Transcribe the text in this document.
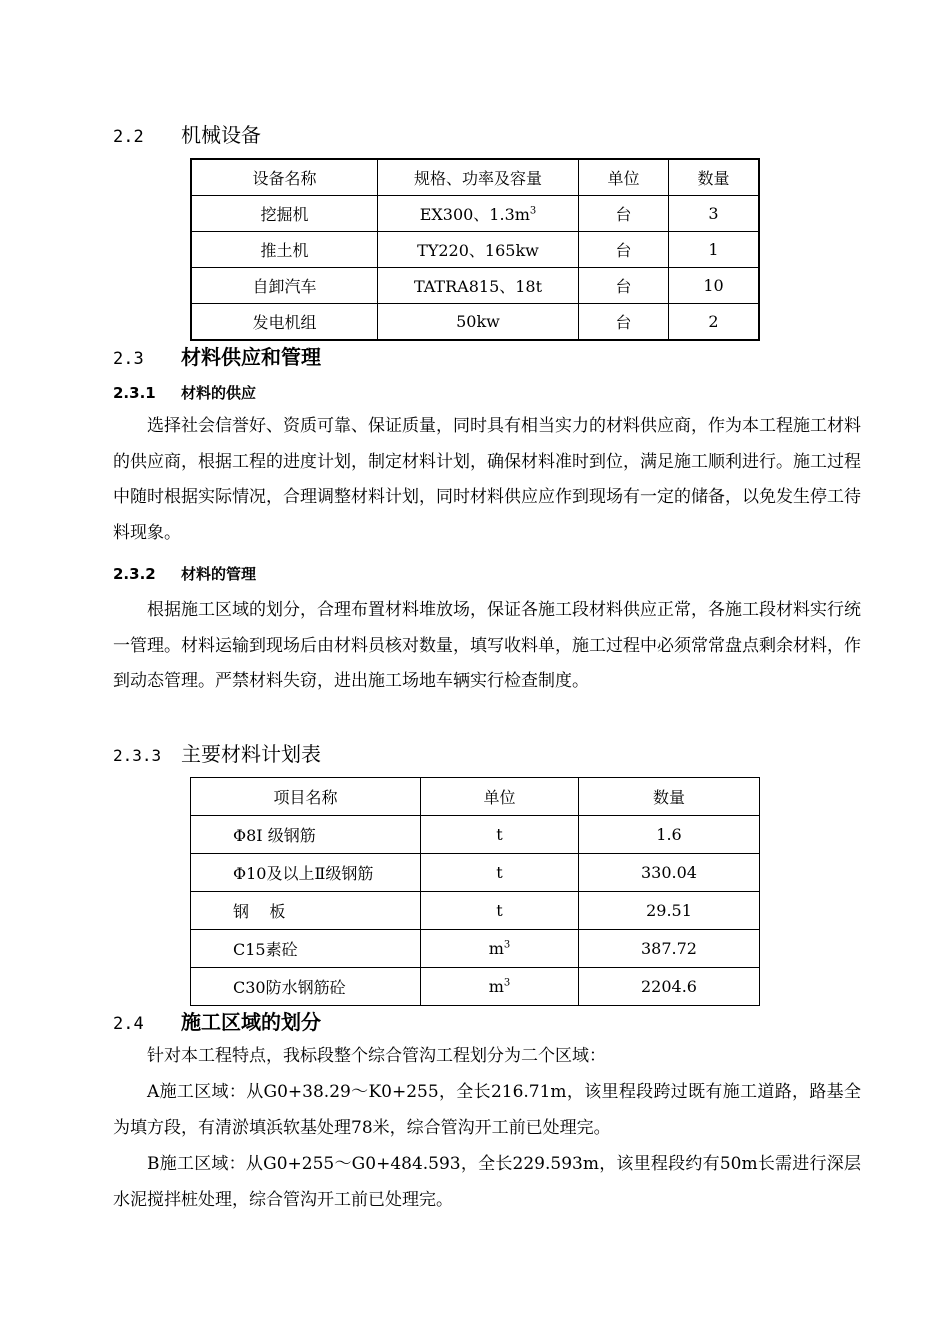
2.2 机械设备
设备名称	规格、功率及容量	单位	数量
挖掘机	EX300、$1.3m^3$	台	3
推土机	TY220、165kw	台	1
自卸汽车	TATRA815、18t	台	10
发电机组	50kw	台	2
2.3 材料供应和管理
2.3.1 材料的供应

选择社会信誉好、资质可靠、保证质量，同时具有相当实力的材料供应商，作为本工程施工材料的供应商，根据工程的进度计划，制定材料计划，确保材料准时到位，满足施工顺利进行。施工过程中随时根据实际情况，合理调整材料计划，同时材料供应应作到现场有一定的储备，以免发生停工待料现象。

2.3.2 材料的管理

根据施工区域的划分，合理布置材料堆放场，保证各施工段材料供应正常，各施工段材料实行统一管理。材料运输到现场后由材料员核对数量，填写收料单，施工过程中必须常常盘点剩余材料，作到动态管理。严禁材料失窃，进出施工场地车辆实行检查制度。

2.3.3 主要材料计划表
项目名称	单位	数量
Φ8Ⅰ 级钢筋	t	1.6
Φ10及以上Ⅱ级钢筋	t	330.04
钢    板	t	29.51
C15素砼	$m^3$	387.72
C30防水钢筋砼	$m^3$	2204.6
2.4 施工区域的划分

针对本工程特点，我标段整个综合管沟工程划分为二个区域：

A施工区域：从G0+38.29～K0+255，全长216.71m，该里程段跨过既有施工道路，路基全为填方段，有清淤填浜软基处理78米，综合管沟开工前已处理完。

B施工区域：从G0+255～G0+484.593，全长229.593m，该里程段约有50m长需进行深层水泥搅拌桩处理，综合管沟开工前已处理完。
